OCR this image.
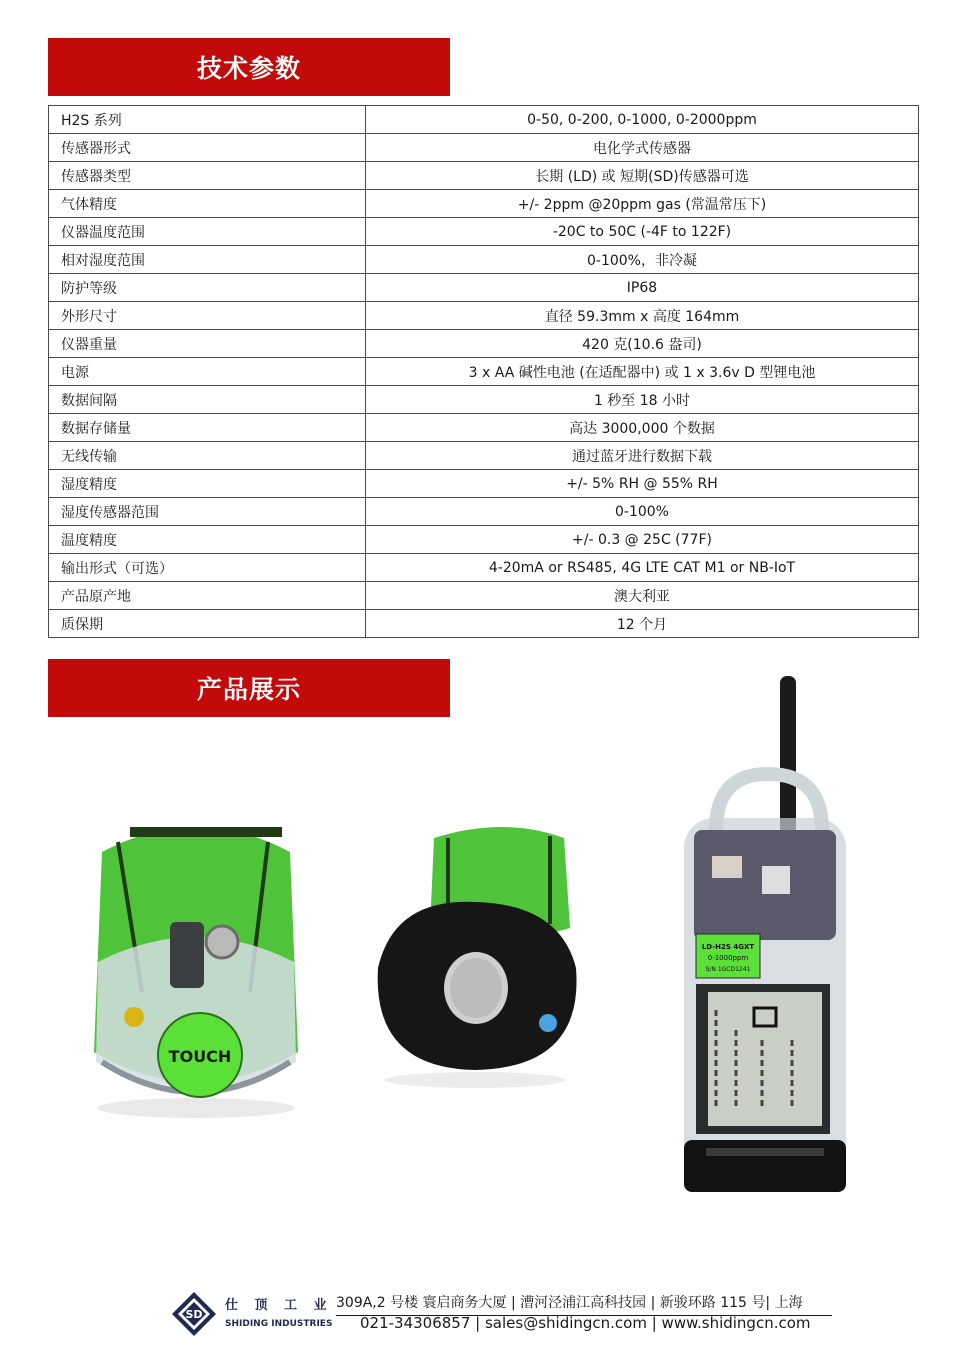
技术参数
H2S 系列	0-50, 0-200, 0-1000, 0-2000ppm
传感器形式	电化学式传感器
传感器类型	长期 (LD) 或 短期(SD)传感器可选
气体精度	+/- 2ppm @20ppm gas (常温常压下)
仪器温度范围	-20C to 50C (-4F to 122F)
相对湿度范围	0-100%，非冷凝
防护等级	IP68
外形尺寸	直径 59.3mm x 高度 164mm
仪器重量	420 克(10.6 盎司)
电源	3 x AA 碱性电池 (在适配器中) 或 1 x 3.6v D 型锂电池
数据间隔	1 秒至 18 小时
数据存储量	高达 3000,000 个数据
无线传输	通过蓝牙进行数据下载
湿度精度	+/- 5% RH @ 55% RH
湿度传感器范围	0-100%
温度精度	+/- 0.3 @ 25C (77F)
输出形式（可选）	4-20mA or RS485, 4G LTE CAT M1 or NB-IoT
产品原产地	澳大利亚
质保期	12 个月
产品展示
TOUCH
LD-H2S 4GXT
0-1000ppm
S/N 1GCD1241
SD
仕 顶 工 业
SHIDING INDUSTRIES
309A,2 号楼 寰启商务大厦 | 漕河泾浦江高科技园 | 新骏环路 115 号| 上海
021-34306857 | sales@shidingcn.com | www.shidingcn.com
